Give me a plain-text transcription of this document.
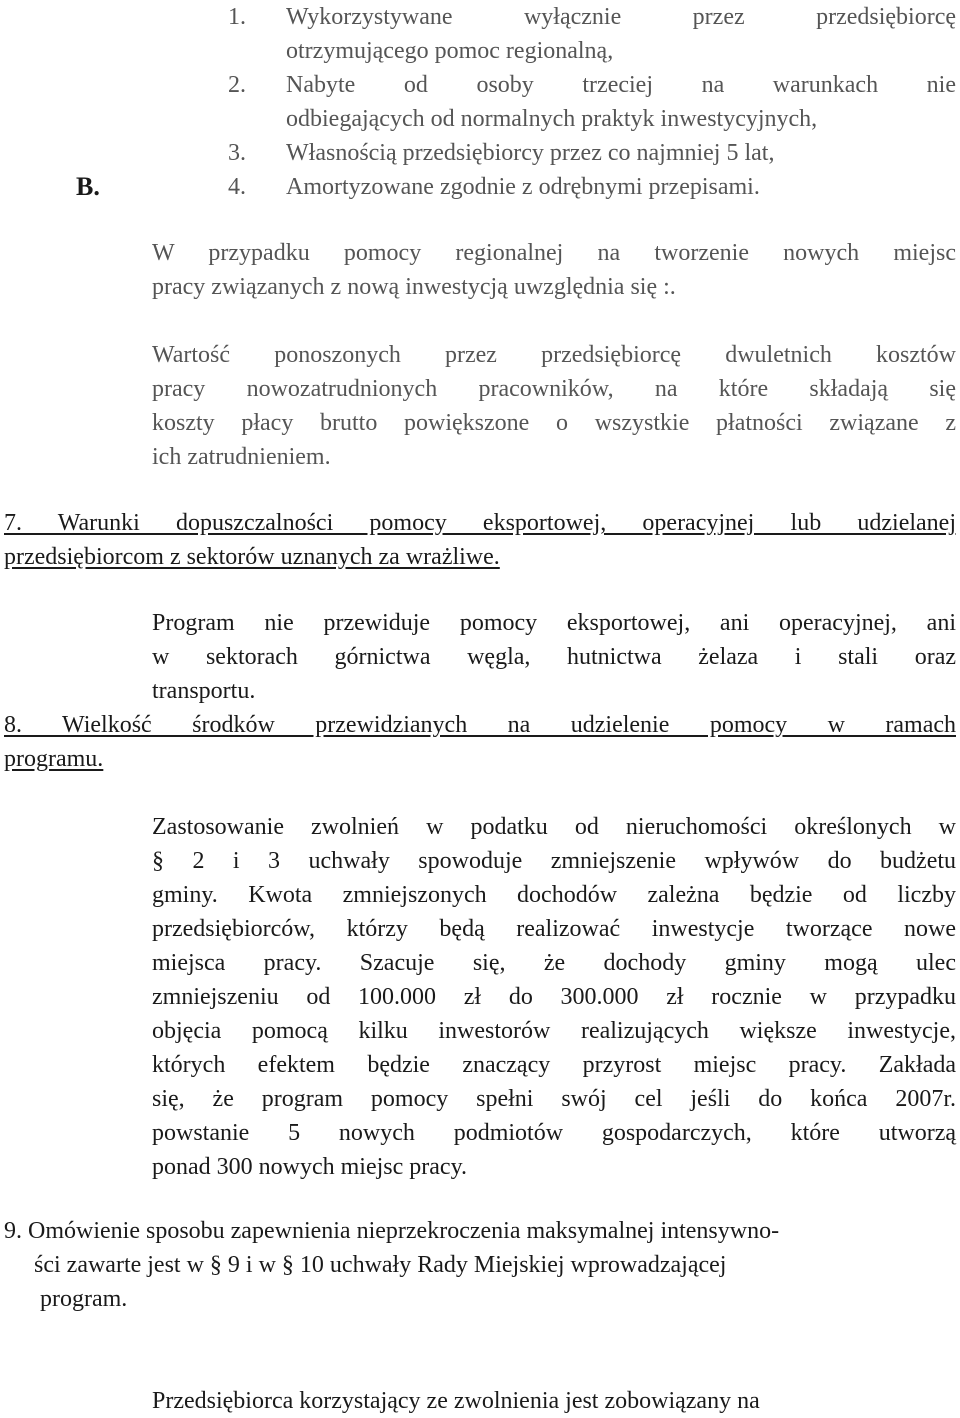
1. Wykorzystywane wyłącznie przez przedsiębiorcę
otrzymującego pomoc regionalną,
2. Nabyte od osoby trzeciej na warunkach nie
odbiegających od normalnych praktyk inwestycyjnych,
3. Własnością przedsiębiorcy przez co najmniej 5 lat,
4. Amortyzowane zgodnie z odrębnymi przepisami.
B.
W przypadku pomocy regionalnej na tworzenie nowych miejsc
pracy związanych z nową inwestycją uwzględnia się :.
Wartość ponoszonych przez przedsiębiorcę dwuletnich kosztów
pracy nowozatrudnionych pracowników, na które składają się
koszty płacy brutto powiększone o wszystkie płatności związane z
ich zatrudnieniem.
7. Warunki dopuszczalności pomocy eksportowej, operacyjnej lub udzielanej
przedsiębiorcom z sektorów uznanych za wrażliwe.
Program nie przewiduje pomocy eksportowej, ani operacyjnej, ani
w sektorach górnictwa węgla, hutnictwa żelaza i stali oraz
transportu.
8. Wielkość środków przewidzianych na udzielenie pomocy w ramach
programu.
Zastosowanie zwolnień w podatku od nieruchomości określonych w
§ 2 i 3 uchwały spowoduje zmniejszenie wpływów do budżetu
gminy. Kwota zmniejszonych dochodów zależna będzie od liczby
przedsiębiorców, którzy będą realizować inwestycje tworzące nowe
miejsca pracy. Szacuje się, że dochody gminy mogą ulec
zmniejszeniu od 100.000 zł do 300.000 zł rocznie w przypadku
objęcia pomocą kilku inwestorów realizujących większe inwestycje,
których efektem będzie znaczący przyrost miejsc pracy. Zakłada
się, że program pomocy spełni swój cel jeśli do końca 2007r.
powstanie 5 nowych podmiotów gospodarczych, które utworzą
ponad 300 nowych miejsc pracy.
9. Omówienie sposobu zapewnienia nieprzekroczenia maksymalnej intensywno-
ści zawarte jest w § 9 i w § 10 uchwały Rady Miejskiej wprowadzającej
program.
Przedsiębiorca korzystający ze zwolnienia jest zobowiązany na
